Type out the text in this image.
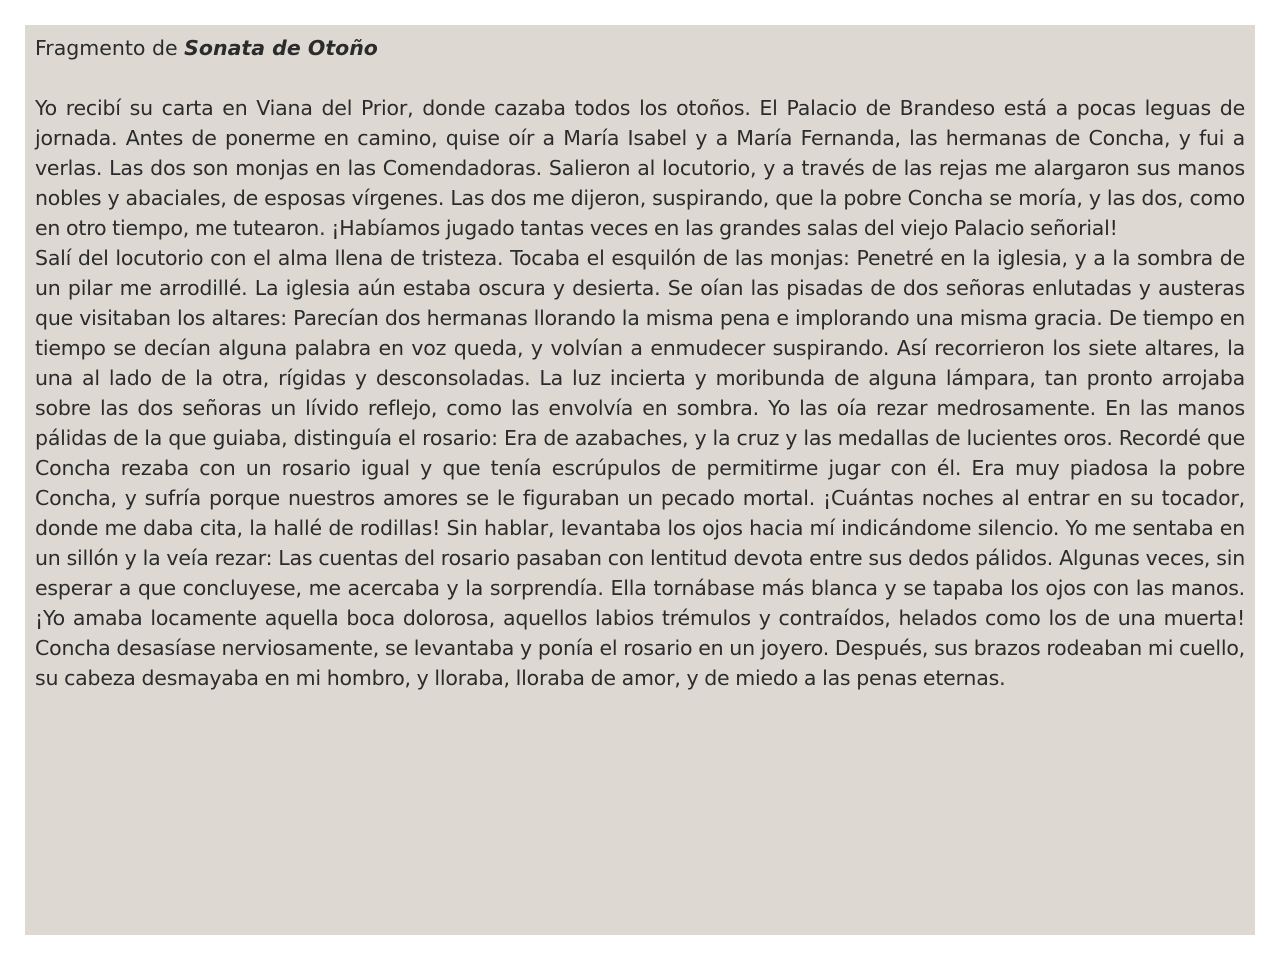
Fragmento de Sonata de Otoño

Yo recibí su carta en Viana del Prior, donde cazaba todos los otoños. El Palacio de Brandeso está a pocas leguas de jornada. Antes de ponerme en camino, quise oír a María Isabel y a María Fernanda, las hermanas de Concha, y fui a verlas. Las dos son monjas en las Comendadoras. Salieron al locutorio, y a través de las rejas me alargaron sus manos nobles y abaciales, de esposas vírgenes. Las dos me dijeron, suspirando, que la pobre Concha se moría, y las dos, como en otro tiempo, me tutearon. ¡Habíamos jugado tantas veces en las grandes salas del viejo Palacio señorial!

Salí del locutorio con el alma llena de tristeza. Tocaba el esquilón de las monjas: Penetré en la iglesia, y a la sombra de un pilar me arrodillé. La iglesia aún estaba oscura y desierta. Se oían las pisadas de dos señoras enlutadas y austeras que visitaban los altares: Parecían dos hermanas llorando la misma pena e implorando una misma gracia. De tiempo en tiempo se decían alguna palabra en voz queda, y volvían a enmudecer suspirando. Así recorrieron los siete altares, la una al lado de la otra, rígidas y desconsoladas. La luz incierta y moribunda de alguna lámpara, tan pronto arrojaba sobre las dos señoras un lívido reflejo, como las envolvía en sombra. Yo las oía rezar medrosamente. En las manos pálidas de la que guiaba, distinguía el rosario: Era de azabaches, y la cruz y las medallas de lucientes oros. Recordé que Concha rezaba con un rosario igual y que tenía escrúpulos de permitirme jugar con él. Era muy piadosa la pobre Concha, y sufría porque nuestros amores se le figuraban un pecado mortal. ¡Cuántas noches al entrar en su tocador, donde me daba cita, la hallé de rodillas! Sin hablar, levantaba los ojos hacia mí indicándome silencio. Yo me sentaba en un sillón y la veía rezar: Las cuentas del rosario pasaban con lentitud devota entre sus dedos pálidos. Algunas veces, sin esperar a que concluyese, me acercaba y la sorprendía. Ella tornábase más blanca y se tapaba los ojos con las manos. ¡Yo amaba locamente aquella boca dolorosa, aquellos labios trémulos y contraídos, helados como los de una muerta! Concha desasíase nerviosamente, se levantaba y ponía el rosario en un joyero. Después, sus brazos rodeaban mi cuello, su cabeza desmayaba en mi hombro, y lloraba, lloraba de amor, y de miedo a las penas eternas.
